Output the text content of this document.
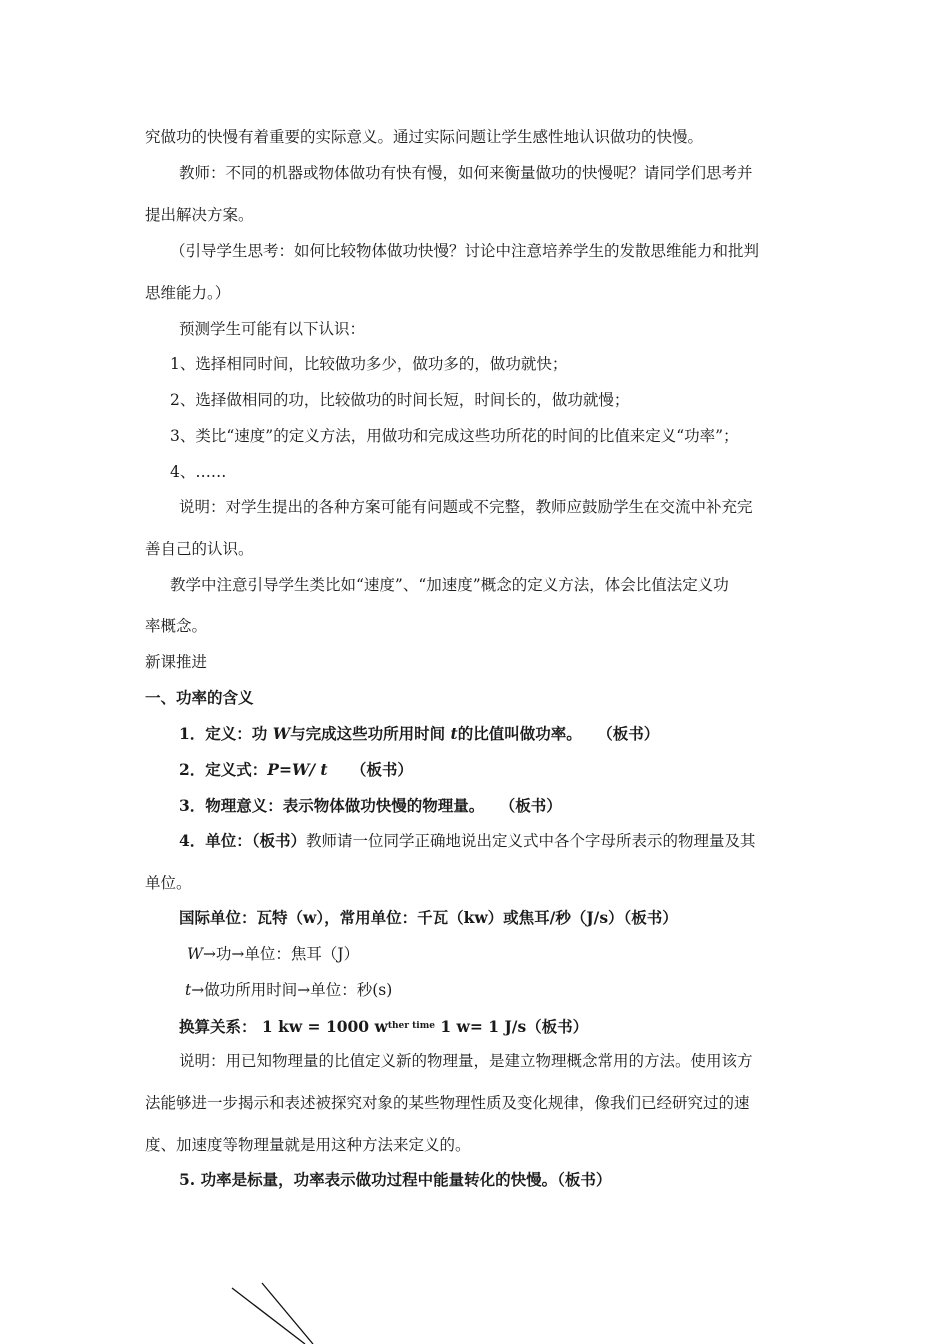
究做功的快慢有着重要的实际意义。通过实际问题让学生感性地认识做功的快慢。
教师：不同的机器或物体做功有快有慢，如何来衡量做功的快慢呢？请同学们思考并
提出解决方案。
（引导学生思考：如何比较物体做功快慢？讨论中注意培养学生的发散思维能力和批判
思维能力。）
预测学生可能有以下认识：
1、选择相同时间，比较做功多少，做功多的，做功就快；
2、选择做相同的功，比较做功的时间长短，时间长的，做功就慢；
3、类比“速度”的定义方法，用做功和完成这些功所花的时间的比值来定义“功率”；
4、……
说明：对学生提出的各种方案可能有问题或不完整，教师应鼓励学生在交流中补充完
善自己的认识。
教学中注意引导学生类比如“速度”、“加速度”概念的定义方法，体会比值法定义功
率概念。
新课推进
一、功率的含义
1．定义：功 W与完成这些功所用时间 t的比值叫做功率。　　（板书）
2．定义式：P=W/ t　　（板书）
3．物理意义：表示物体做功快慢的物理量。　　（板书）
4．单位：（板书）教师请一位同学正确地说出定义式中各个字母所表示的物理量及其
单位。
国际单位：瓦特（w），常用单位：千瓦（kw）或焦耳/秒（J/s）（板书）
W→功→单位：焦耳（J）
t→做功所用时间→单位：秒(s)
换算关系： 1 kw = 1000 $w^{ther time}$ 1 w= 1 J/s（板书）
说明：用已知物理量的比值定义新的物理量，是建立物理概念常用的方法。使用该方
法能够进一步揭示和表述被探究对象的某些物理性质及变化规律，像我们已经研究过的速
度、加速度等物理量就是用这种方法来定义的。
5. 功率是标量，功率表示做功过程中能量转化的快慢。（板书）
